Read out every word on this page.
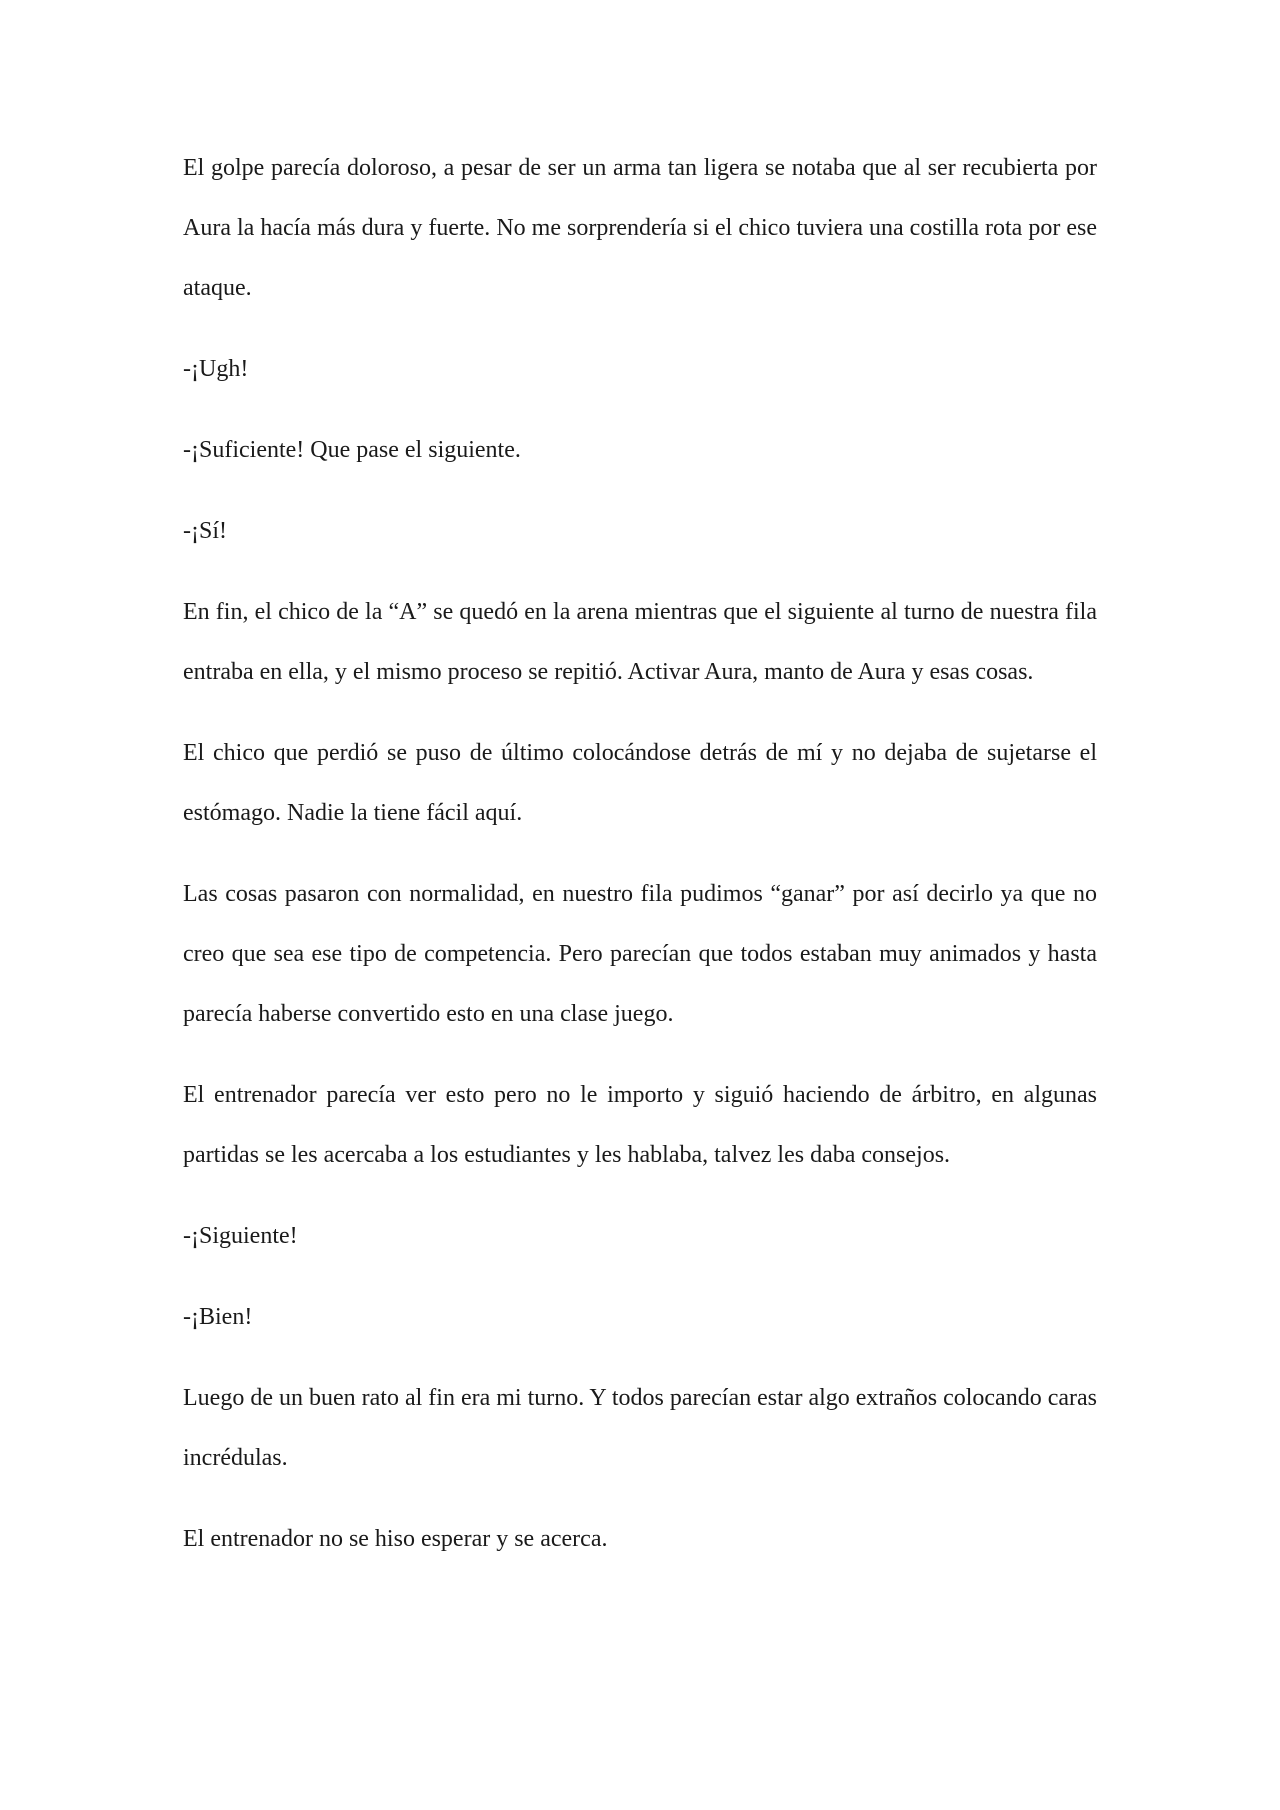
El golpe parecía doloroso, a pesar de ser un arma tan ligera se notaba que al ser recubierta por Aura la hacía más dura y fuerte. No me sorprendería si el chico tuviera una costilla rota por ese ataque.

-¡Ugh!

-¡Suficiente! Que pase el siguiente.

-¡Sí!

En fin, el chico de la “A” se quedó en la arena mientras que el siguiente al turno de nuestra fila entraba en ella, y el mismo proceso se repitió. Activar Aura, manto de Aura y esas cosas.

El chico que perdió se puso de último colocándose detrás de mí y no dejaba de sujetarse el estómago. Nadie la tiene fácil aquí.

Las cosas pasaron con normalidad, en nuestro fila pudimos “ganar” por así decirlo ya que no creo que sea ese tipo de competencia. Pero parecían que todos estaban muy animados y hasta parecía haberse convertido esto en una clase juego.

El entrenador parecía ver esto pero no le importo y siguió haciendo de árbitro, en algunas partidas se les acercaba a los estudiantes y les hablaba, talvez les daba consejos.

-¡Siguiente!

-¡Bien!

Luego de un buen rato al fin era mi turno. Y todos parecían estar algo extraños colocando caras incrédulas.

El entrenador no se hiso esperar y se acerca.
